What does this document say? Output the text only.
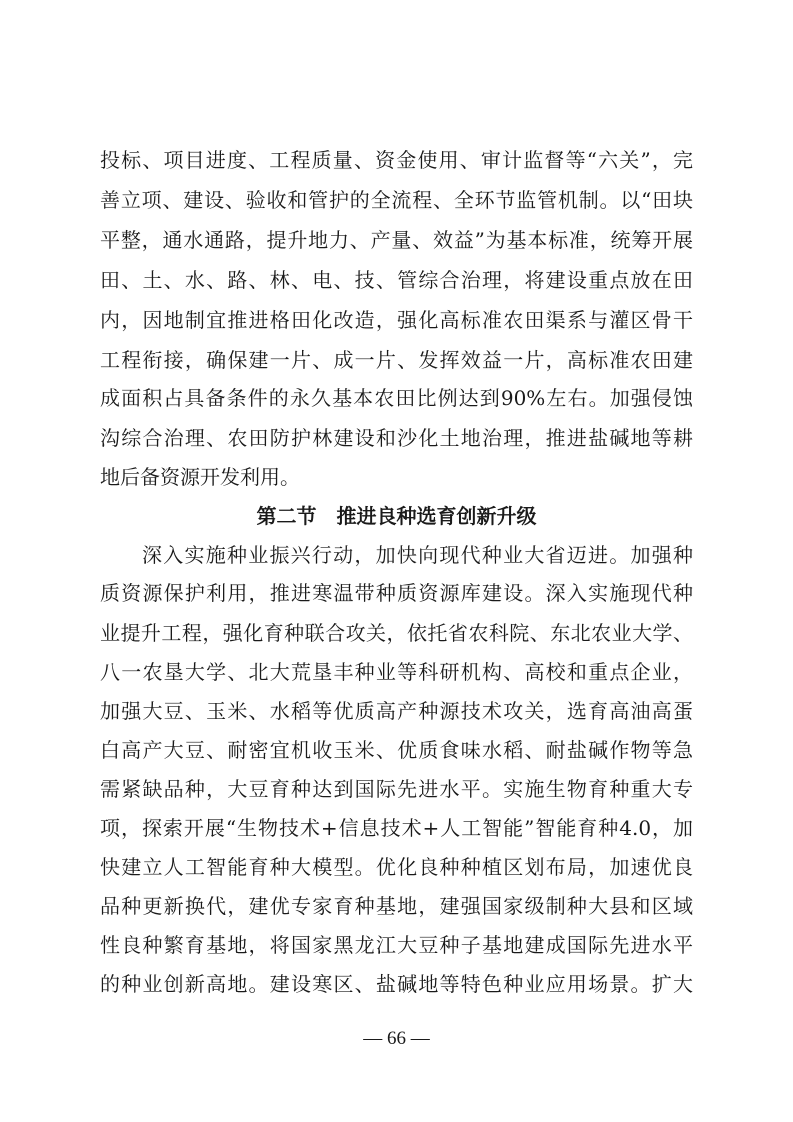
投标、项目进度、工程质量、资金使用、审计监督等“六关”，完
善立项、建设、验收和管护的全流程、全环节监管机制。以“田块
平整，通水通路，提升地力、产量、效益”为基本标准，统筹开展
田、土、水、路、林、电、技、管综合治理，将建设重点放在田
内，因地制宜推进格田化改造，强化高标准农田渠系与灌区骨干
工程衔接，确保建一片、成一片、发挥效益一片，高标准农田建
成面积占具备条件的永久基本农田比例达到90%左右。加强侵蚀
沟综合治理、农田防护林建设和沙化土地治理，推进盐碱地等耕
地后备资源开发利用。
第二节　推进良种选育创新升级
深入实施种业振兴行动，加快向现代种业大省迈进。加强种
质资源保护利用，推进寒温带种质资源库建设。深入实施现代种
业提升工程，强化育种联合攻关，依托省农科院、东北农业大学、
八一农垦大学、北大荒垦丰种业等科研机构、高校和重点企业，
加强大豆、玉米、水稻等优质高产种源技术攻关，选育高油高蛋
白高产大豆、耐密宜机收玉米、优质食味水稻、耐盐碱作物等急
需紧缺品种，大豆育种达到国际先进水平。实施生物育种重大专
项，探索开展“生物技术+信息技术+人工智能”智能育种4.0，加
快建立人工智能育种大模型。优化良种种植区划布局，加速优良
品种更新换代，建优专家育种基地，建强国家级制种大县和区域
性良种繁育基地，将国家黑龙江大豆种子基地建成国际先进水平
的种业创新高地。建设寒区、盐碱地等特色种业应用场景。扩大
— 66 —
